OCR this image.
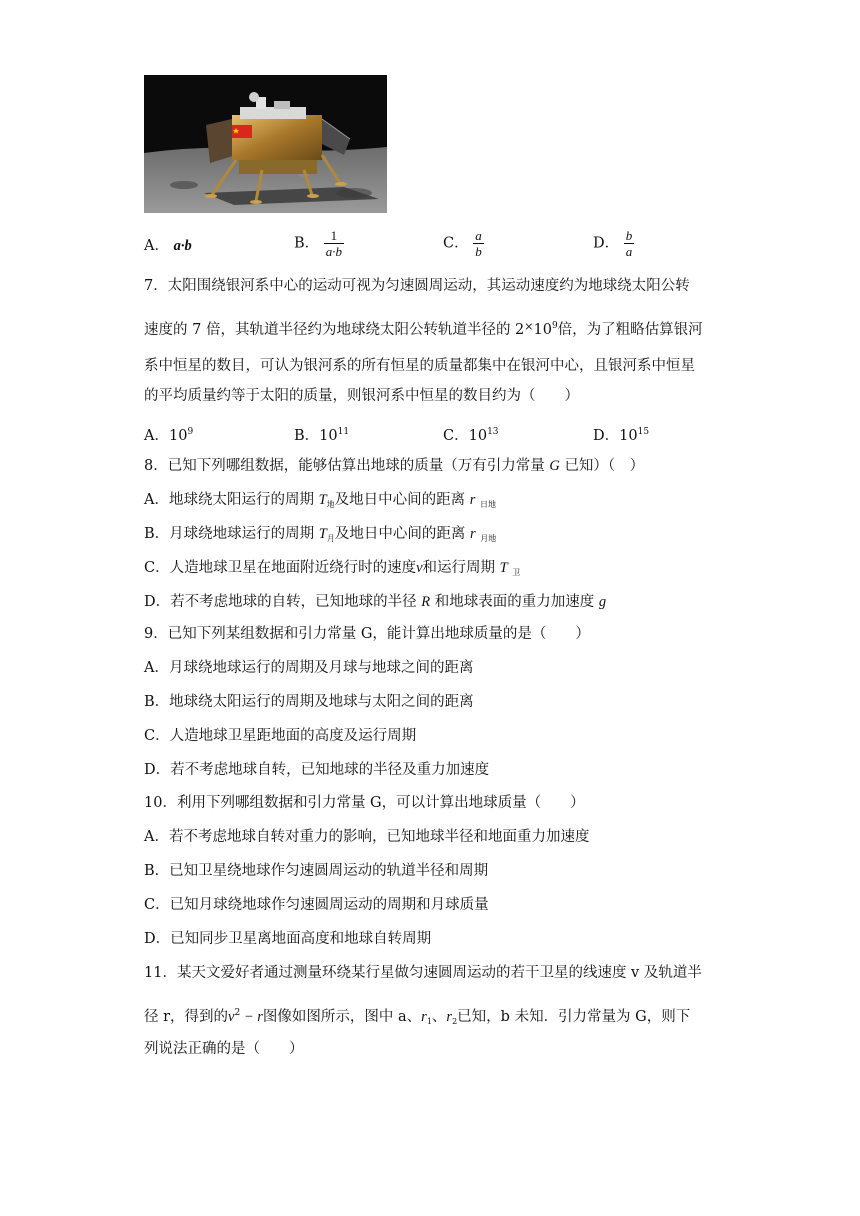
A． a·b	B． $\frac{1}{a\cdot b}$	C． $\frac{a}{b}$	D． $\frac{b}{a}$
7．太阳围绕银河系中心的运动可视为匀速圆周运动，其运动速度约为地球绕太阳公转
速度的 7 倍，其轨道半径约为地球绕太阳公转轨道半径的 $2^\times 10^9$倍，为了粗略估算银河
系中恒星的数目，可认为银河系的所有恒星的质量都集中在银河中心，且银河系中恒星
的平均质量约等于太阳的质量，则银河系中恒星的数目约为（　　）
A．$10^9$	B．$10^{11}$	C．$10^{13}$	D．$10^{15}$
8．已知下列哪组数据，能够估算出地球的质量（万有引力常量 G 已知）（　）
A．地球绕太阳运行的周期 $T_地$及地日中心间的距离 r $_{日地}$
B．月球绕地球运行的周期 $T_月$及地日中心间的距离 r $_{月地}$
C．人造地球卫星在地面附近绕行时的速度v和运行周期 T $_卫$
D．若不考虑地球的自转，已知地球的半径 R 和地球表面的重力加速度 g
9．已知下列某组数据和引力常量 G，能计算出地球质量的是（　　）
A．月球绕地球运行的周期及月球与地球之间的距离
B．地球绕太阳运行的周期及地球与太阳之间的距离
C．人造地球卫星距地面的高度及运行周期
D．若不考虑地球自转，已知地球的半径及重力加速度
10．利用下列哪组数据和引力常量 G，可以计算出地球质量（　　）
A．若不考虑地球自转对重力的影响，已知地球半径和地面重力加速度
B．已知卫星绕地球作匀速圆周运动的轨道半径和周期
C．已知月球绕地球作匀速圆周运动的周期和月球质量
D．已知同步卫星离地面高度和地球自转周期
11．某天文爱好者通过测量环绕某行星做匀速圆周运动的若干卫星的线速度 v 及轨道半
径 r，得到的$v^2 - r$图像如图所示，图中 a、$r_1$、$r_2$已知，b 未知．引力常量为 G，则下
列说法正确的是（　　）
